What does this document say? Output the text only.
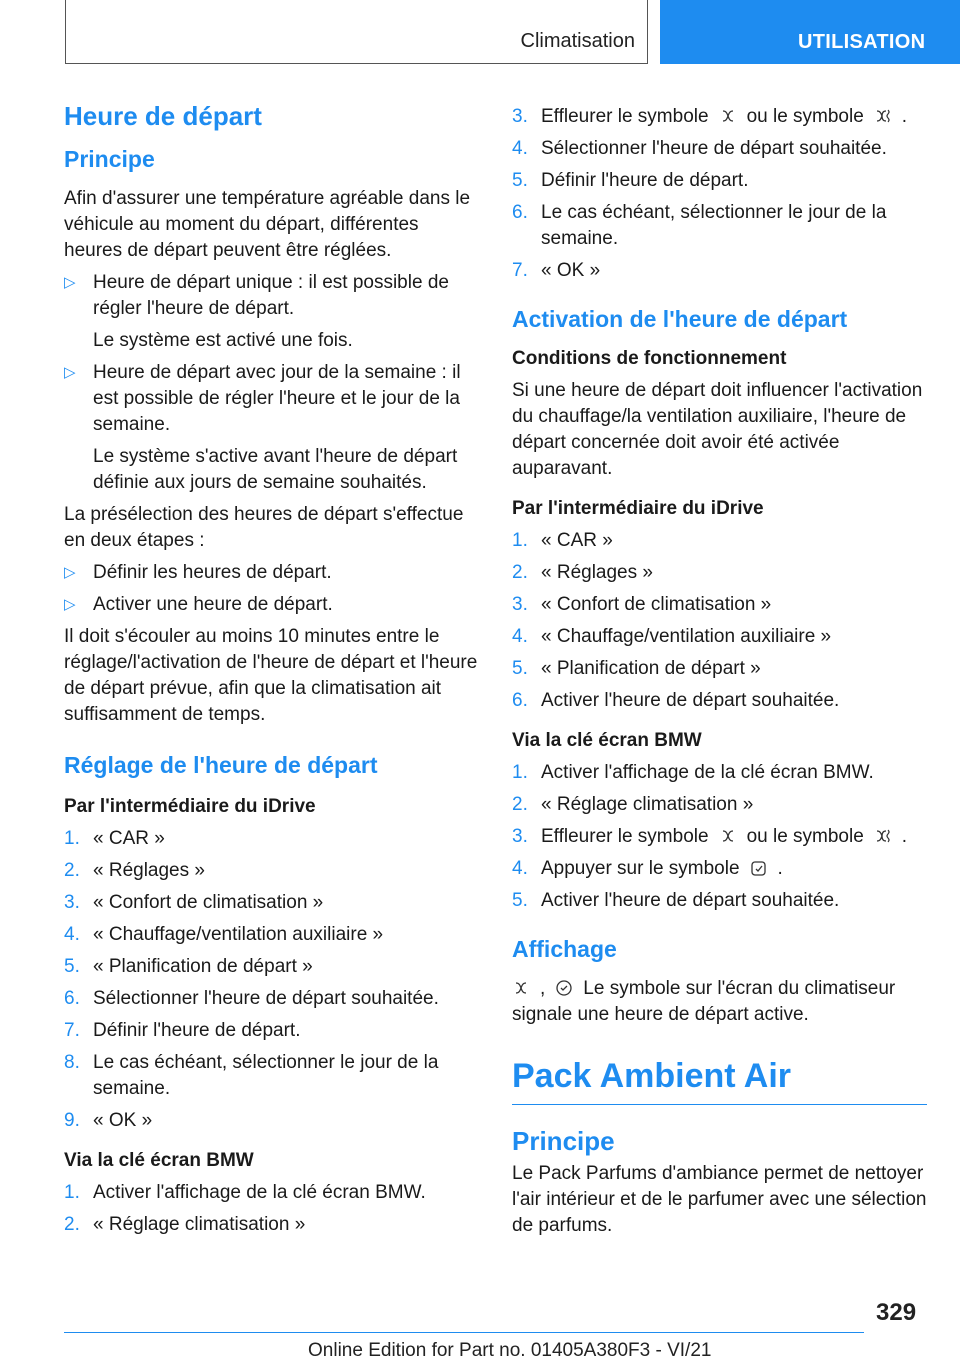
Climatisation	UTILISATION
Heure de départ
Principe

Afin d'assurer une température agréable dans le véhicule au moment du départ, différentes heures de départ peuvent être réglées.

▷ Heure de départ unique : il est possible de régler l'heure de départ.
Le système est activé une fois.
▷ Heure de départ avec jour de la semaine : il est possible de régler l'heure et le jour de la semaine.
Le système s'active avant l'heure de départ définie aux jours de semaine souhaités.

La présélection des heures de départ s'effectue en deux étapes :

▷ Définir les heures de départ.
▷ Activer une heure de départ.

Il doit s'écouler au moins 10 minutes entre le réglage/l'activation de l'heure de départ et l'heure de départ prévue, afin que la climatisation ait suffisamment de temps.

Réglage de l'heure de départ
Par l'intermédiaire du iDrive
1. « CAR »
2. « Réglages »
3. « Confort de climatisation »
4. « Chauffage/ventilation auxiliaire »
5. « Planification de départ »
6. Sélectionner l'heure de départ souhaitée.
7. Définir l'heure de départ.
8. Le cas échéant, sélectionner le jour de la semaine.
9. « OK »
Via la clé écran BMW
1. Activer l'affichage de la clé écran BMW.
2. « Réglage climatisation »
3. Effleurer le symbole ou le symbole .
4. Sélectionner l'heure de départ souhaitée.
5. Définir l'heure de départ.
6. Le cas échéant, sélectionner le jour de la semaine.
7. « OK »
Activation de l'heure de départ
Conditions de fonctionnement

Si une heure de départ doit influencer l'activation du chauffage/la ventilation auxiliaire, l'heure de départ concernée doit avoir été activée auparavant.

Par l'intermédiaire du iDrive
1. « CAR »
2. « Réglages »
3. « Confort de climatisation »
4. « Chauffage/ventilation auxiliaire »
5. « Planification de départ »
6. Activer l'heure de départ souhaitée.
Via la clé écran BMW
1. Activer l'affichage de la clé écran BMW.
2. « Réglage climatisation »
3. Effleurer le symbole ou le symbole .
4. Appuyer sur le symbole .
5. Activer l'heure de départ souhaitée.
Affichage

, Le symbole sur l'écran du climatiseur signale une heure de départ active.

Pack Ambient Air
Principe

Le Pack Parfums d'ambiance permet de nettoyer l'air intérieur et de le parfumer avec une sélection de parfums.

329
Online Edition for Part no. 01405A380F3 - VI/21
